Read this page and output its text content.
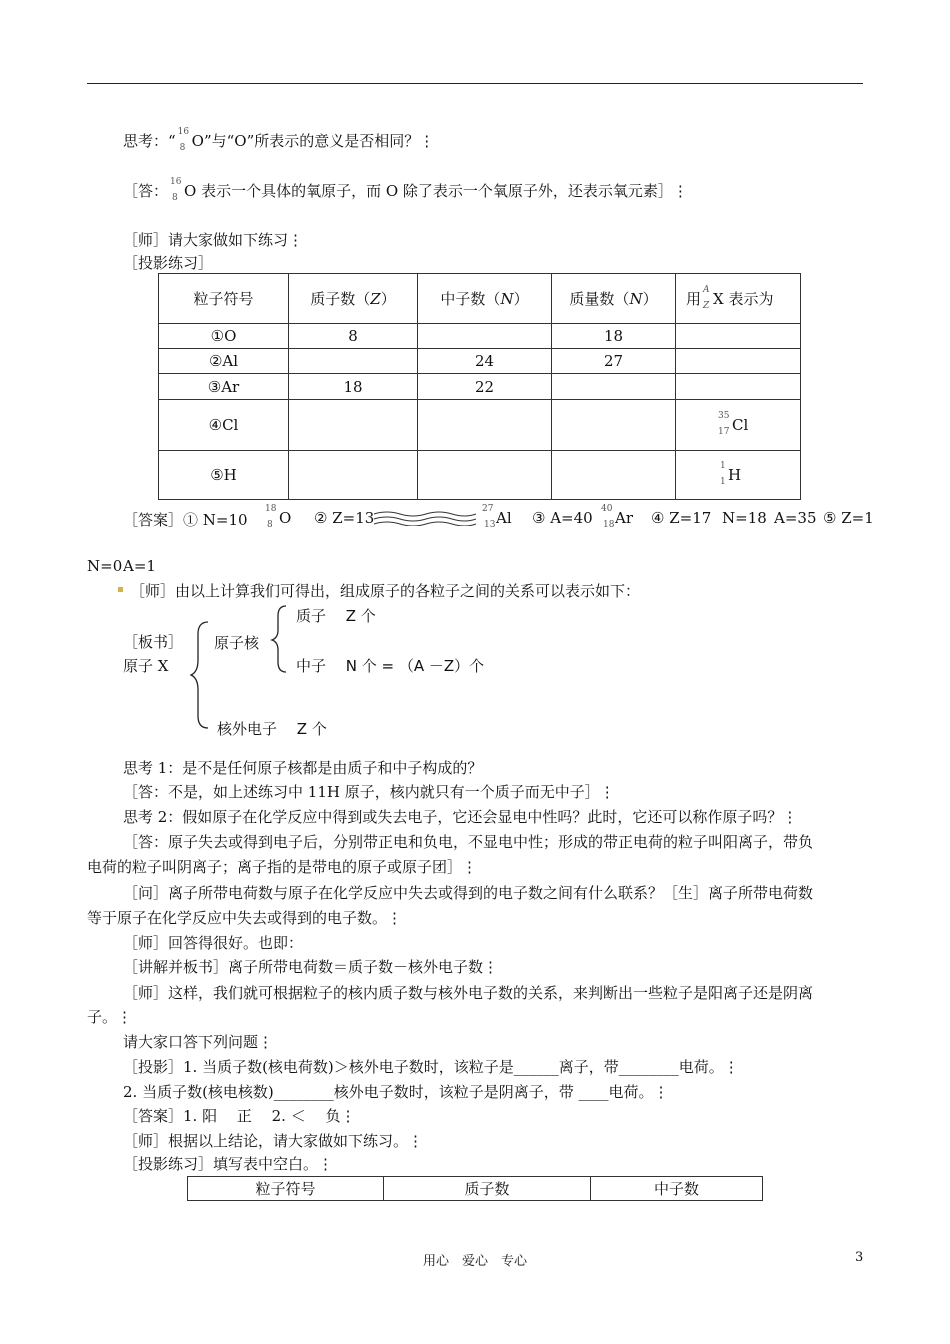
思考：“ 16
8 O”与“O”所表示的意义是否相同？⋮
［答： 16
8 O 表示一个具体的氧原子，而 O 除了表示一个氧原子外，还表示氧元素］⋮
［师］请大家做如下练习⋮
［投影练习］
粒子符号	质子数（Z）	中子数（N）	质量数（N）	用 A
Z X 表示为
①O	8		18	
②Al		24	27	
③Ar	18	22		
④Cl				35
17 Cl
⑤H				1
1 H
［答案］① N=10
18
8 O ② Z=13	27
13 Al ③ A=40 40
18 Ar ④ Z=17 N=18 A=35 ⑤ Z=1
N=0 A=1
［师］由以上计算我们可得出，组成原子的各粒子之间的关系可以表示如下：
［板书］
原子 X
原子核
质子　 Z 个
中子　 N 个 = （A －Z）个
核外电子　 Z 个
思考 1：是不是任何原子核都是由质子和中子构成的？
［答：不是，如上述练习中 11H 原子，核内就只有一个质子而无中子］⋮
思考 2：假如原子在化学反应中得到或失去电子，它还会显电中性吗？此时，它还可以称作原子吗？⋮
［答：原子失去或得到电子后，分别带正电和负电，不显电中性；形成的带正电荷的粒子叫阳离子，带负
电荷的粒子叫阴离子；离子指的是带电的原子或原子团］⋮
［问］离子所带电荷数与原子在化学反应中失去或得到的电子数之间有什么联系？［生］离子所带电荷数
等于原子在化学反应中失去或得到的电子数。⋮
［师］回答得很好。也即：
［讲解并板书］离子所带电荷数＝质子数－核外电子数⋮
［师］这样，我们就可根据粒子的核内质子数与核外电子数的关系，来判断出一些粒子是阳离子还是阴离
子。⋮
请大家口答下列问题⋮
［投影］1. 当质子数(核电荷数)＞核外电子数时，该粒子是______离子，带________电荷。⋮
2. 当质子数(核电核数)________核外电子数时，该粒子是阴离子，带 ____电荷。⋮
［答案］1. 阳　 正　 2. ＜　 负⋮
［师］根据以上结论，请大家做如下练习。⋮
［投影练习］填写表中空白。⋮
粒子符号	质子数	中子数
用心　爱心　专心	3
